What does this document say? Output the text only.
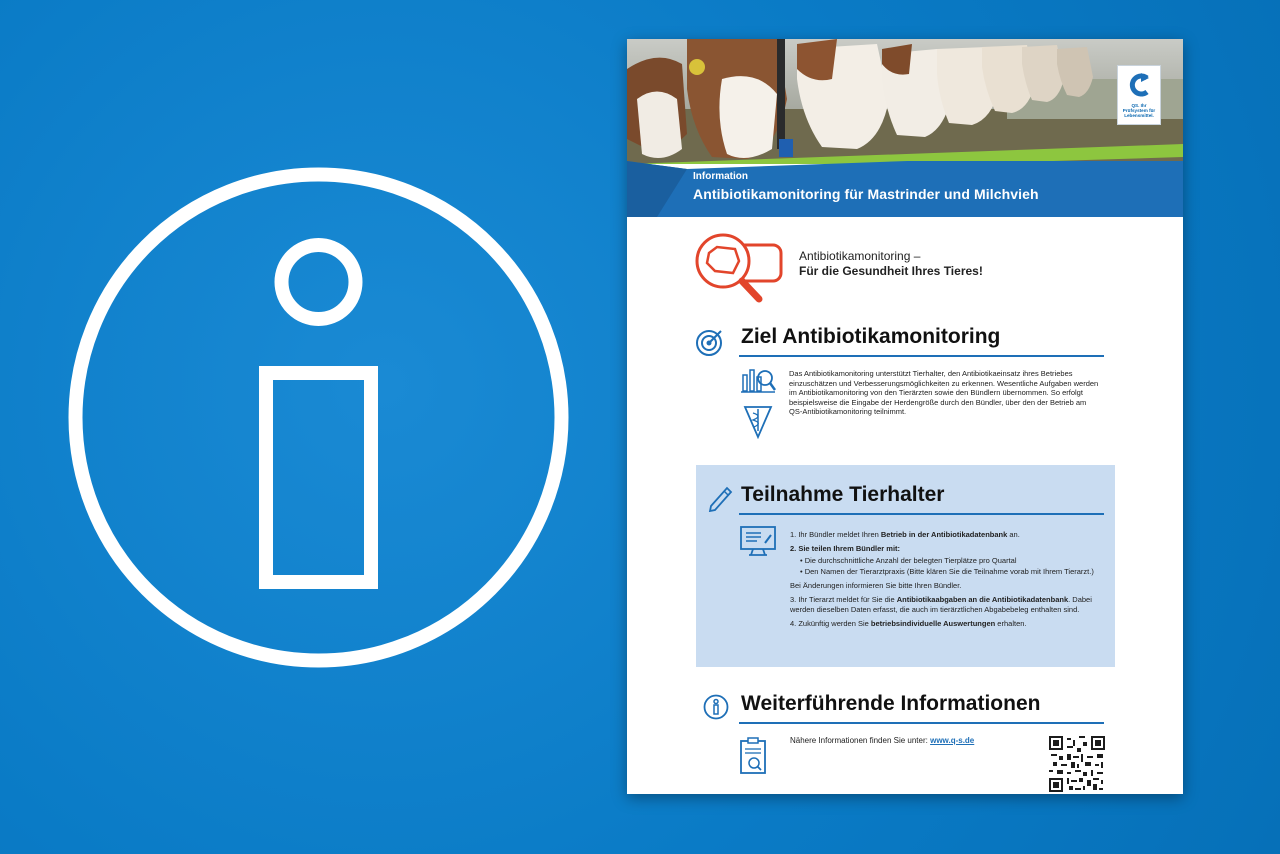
Information
Antibiotikamonitoring für Mastrinder und Milchvieh
QS. Ihr Prüfsystem für Lebensmittel.
Antibiotikamonitoring –
Für die Gesundheit Ihres Tieres!
Ziel Antibiotikamonitoring
Das Antibiotikamonitoring unterstützt Tierhalter, den Antibiotikaeinsatz ihres Betriebes einzuschätzen und Verbesserungsmöglichkeiten zu erkennen. Wesentliche Aufgaben werden im Antibiotikamonitoring von den Tierärzten sowie den Bündlern übernommen. So erfolgt beispielsweise die Eingabe der Herdengröße durch den Bündler, über den der Betrieb am QS-Antibiotikamonitoring teilnimmt.
Teilnahme Tierhalter

1. Ihr Bündler meldet Ihren Betrieb in der Antibiotikadatenbank an.

2. Sie teilen Ihrem Bündler mit:

• Die durchschnittliche Anzahl der belegten Tierplätze pro Quartal

• Den Namen der Tierarztpraxis (Bitte klären Sie die Teilnahme vorab mit Ihrem Tierarzt.)

Bei Änderungen informieren Sie bitte Ihren Bündler.

3. Ihr Tierarzt meldet für Sie die Antibiotikaabgaben an die Antibiotikadatenbank. Dabei werden dieselben Daten erfasst, die auch im tierärztlichen Abgabebeleg enthalten sind.

4. Zukünftig werden Sie betriebsindividuelle Auswertungen erhalten.

Weiterführende Informationen
Nähere Informationen finden Sie unter: www.q-s.de
